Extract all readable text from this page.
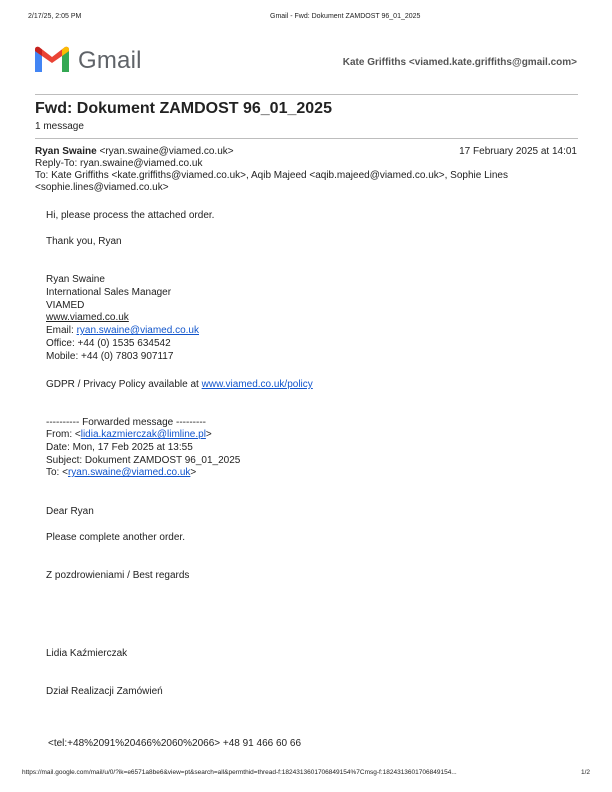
2/17/25, 2:05 PM	Gmail - Fwd: Dokument ZAMDOST 96_01_2025
Gmail	Kate Griffiths <viamed.kate.griffiths@gmail.com>
Fwd: Dokument ZAMDOST 96_01_2025
1 message
Ryan Swaine <ryan.swaine@viamed.co.uk>	17 February 2025 at 14:01
Reply-To: ryan.swaine@viamed.co.uk
To: Kate Griffiths <kate.griffiths@viamed.co.uk>, Aqib Majeed <aqib.majeed@viamed.co.uk>, Sophie Lines
<sophie.lines@viamed.co.uk>
Hi, please process the attached order.
Thank you, Ryan
Ryan Swaine
International Sales Manager
VIAMED
www.viamed.co.uk
Email: ryan.swaine@viamed.co.uk
Office: +44 (0) 1535 634542
Mobile: +44 (0) 7803 907117
GDPR / Privacy Policy available at www.viamed.co.uk/policy
---------- Forwarded message ---------
From: <lidia.kazmierczak@limline.pl>
Date: Mon, 17 Feb 2025 at 13:55
Subject: Dokument ZAMDOST 96_01_2025
To: <ryan.swaine@viamed.co.uk>
Dear Ryan
Please complete another order.
Z pozdrowieniami / Best regards
Lidia Kaźmierczak
Dział Realizacji Zamówień
<tel:+48%2091%20466%2060%2066> +48 91 466 60 66
https://mail.google.com/mail/u/0/?ik=e6571a8be6&view=pt&search=all&permthid=thread-f:1824313601706849154%7Cmsg-f:1824313601706849154...	1/2
